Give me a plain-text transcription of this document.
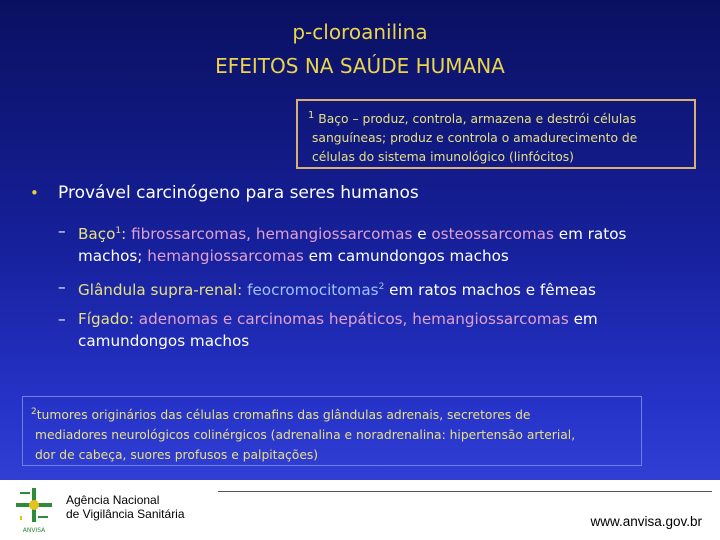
p-cloroanilina
EFEITOS NA SAÚDE HUMANA
$^1$ Baço – produz, controla, armazena e destrói células
sanguíneas; produz e controla o amadurecimento de
células do sistema imunológico (linfócitos)
• Provável carcinógeno para seres humanos
– Baço$^1$: fibrossarcomas, hemangiossarcomas e osteossarcomas em ratos
machos; hemangiossarcomas em camundongos machos
– Glândula supra-renal: feocromocitomas$^2$ em ratos machos e fêmeas
– Fígado: adenomas e carcinomas hepáticos, hemangiossarcomas em
camundongos machos
$^2$tumores originários das células cromafins das glândulas adrenais, secretores de
mediadores neurológicos colinérgicos (adrenalina e noradrenalina: hipertensão arterial,
dor de cabeça, suores profusos e palpitações)
ANVISA
Agência Nacional
de Vigilância Sanitária	www.anvisa.gov.br
